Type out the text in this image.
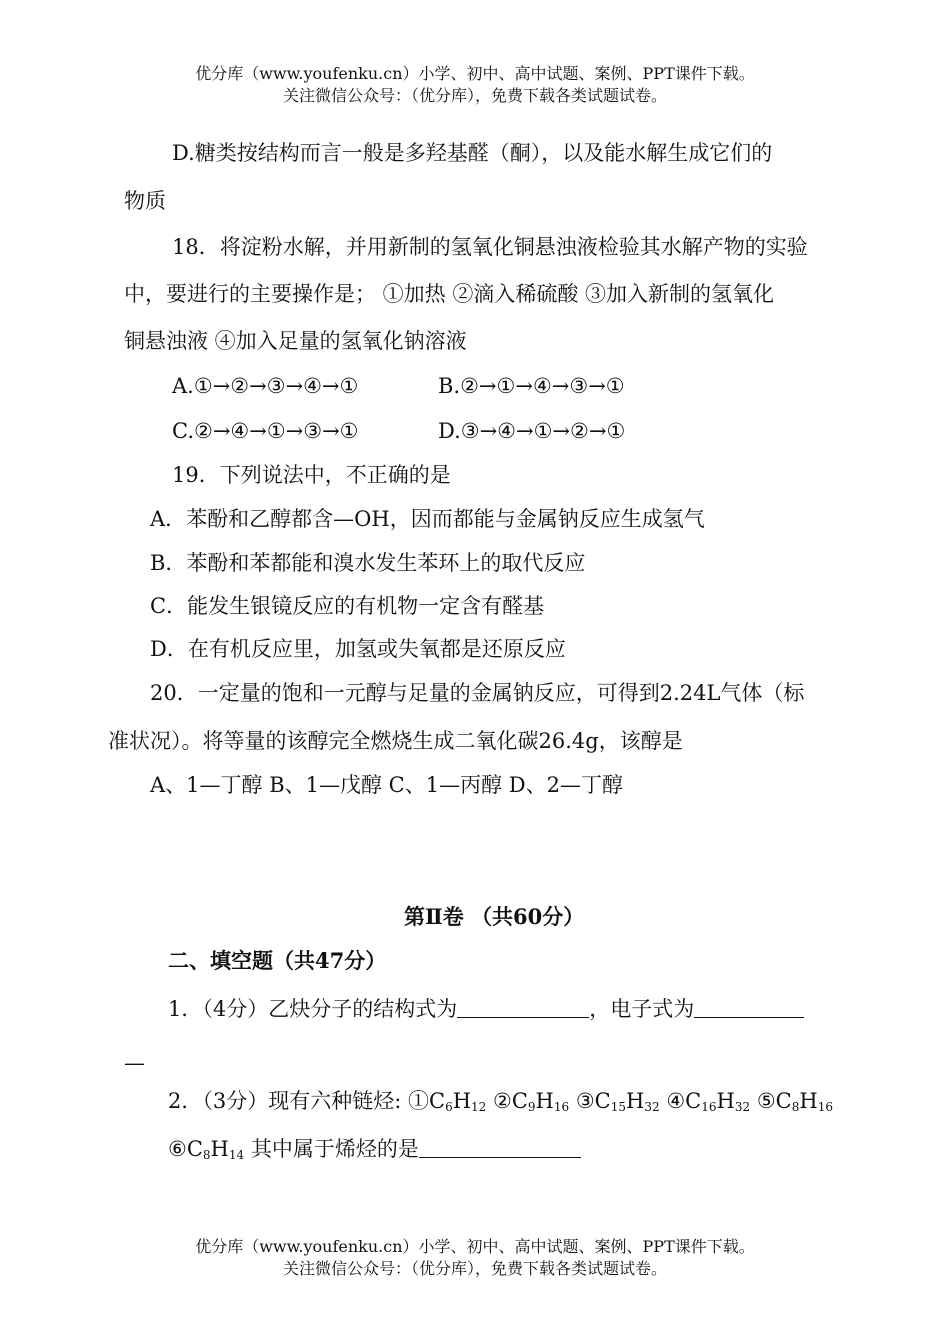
优分库（www.youfenku.cn）小学、初中、高中试题、案例、PPT课件下载。
关注微信公众号：（优分库），免费下载各类试题试卷。
D.糖类按结构而言一般是多羟基醛（酮），以及能水解生成它们的
物质
18．将淀粉水解，并用新制的氢氧化铜悬浊液检验其水解产物的实验
中，要进行的主要操作是； ①加热 ②滴入稀硫酸 ③加入新制的氢氧化
铜悬浊液 ④加入足量的氢氧化钠溶液
A.①→②→③→④→①	B.②→①→④→③→①
C.②→④→①→③→①	D.③→④→①→②→①
19．下列说法中，不正确的是
A．苯酚和乙醇都含—OH，因而都能与金属钠反应生成氢气
B．苯酚和苯都能和溴水发生苯环上的取代反应
C．能发生银镜反应的有机物一定含有醛基
D．在有机反应里，加氢或失氧都是还原反应
20．一定量的饱和一元醇与足量的金属钠反应，可得到2.24L气体（标
准状况）。将等量的该醇完全燃烧生成二氧化碳26.4g，该醇是
A、1—丁醇 B、1—戊醇 C、1—丙醇 D、2—丁醇
第Ⅱ卷 （共60分）
二、填空题（共47分）
1．（4分）乙炔分子的结构式为	，电子式为
—
2．（3分）现有六种链烃: $①C_6H_{12}$ $②C_9H_{16}$ $③C_{15}H_{32}$ $④C_{16}H_{32}$ $⑤C_8H_{16}$
$⑥C_8H_{14}$ 其中属于烯烃的是
优分库（www.youfenku.cn）小学、初中、高中试题、案例、PPT课件下载。
关注微信公众号：（优分库），免费下载各类试题试卷。
